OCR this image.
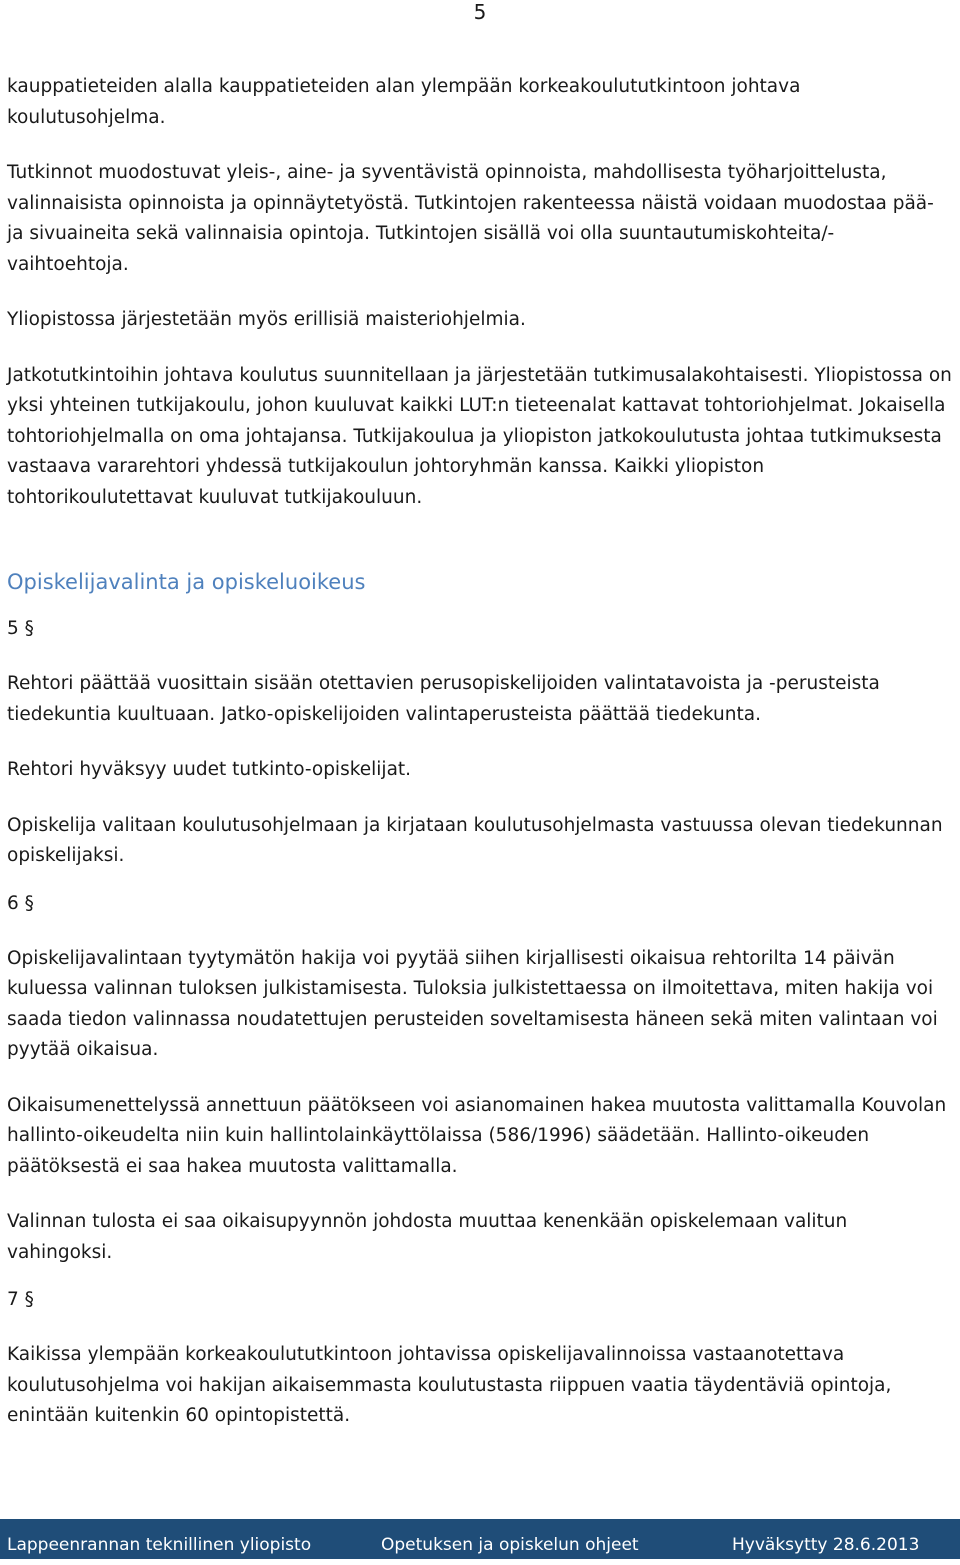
5

kauppatieteiden alalla kauppatieteiden alan ylempään korkeakoulututkintoon johtava koulutusohjelma.

Tutkinnot muodostuvat yleis-, aine- ja syventävistä opinnoista, mahdollisesta työharjoittelusta, valinnaisista opinnoista ja opinnäytetyöstä. Tutkintojen rakenteessa näistä voidaan muodostaa pää- ja sivuaineita sekä valinnaisia opintoja. Tutkintojen sisällä voi olla suuntautumiskohteita/-vaihtoehtoja.

Yliopistossa järjestetään myös erillisiä maisteriohjelmia.

Jatkotutkintoihin johtava koulutus suunnitellaan ja järjestetään tutkimusalakohtaisesti. Yliopistossa on yksi yhteinen tutkijakoulu, johon kuuluvat kaikki LUT:n tieteenalat kattavat tohtoriohjelmat. Jokaisella tohtoriohjelmalla on oma johtajansa. Tutkijakoulua ja yliopiston jatkokoulutusta johtaa tutkimuksesta vastaava vararehtori yhdessä tutkijakoulun johtoryhmän kanssa. Kaikki yliopiston tohtorikoulutettavat kuuluvat tutkijakouluun.

Opiskelijavalinta ja opiskeluoikeus

5 §

Rehtori päättää vuosittain sisään otettavien perusopiskelijoiden valintatavoista ja -perusteista tiedekuntia kuultuaan. Jatko-opiskelijoiden valintaperusteista päättää tiedekunta.

Rehtori hyväksyy uudet tutkinto-opiskelijat.

Opiskelija valitaan koulutusohjelmaan ja kirjataan koulutusohjelmasta vastuussa olevan tiedekunnan opiskelijaksi.

6 §

Opiskelijavalintaan tyytymätön hakija voi pyytää siihen kirjallisesti oikaisua rehtorilta 14 päivän kuluessa valinnan tuloksen julkistamisesta. Tuloksia julkistettaessa on ilmoitettava, miten hakija voi saada tiedon valinnassa noudatettujen perusteiden soveltamisesta häneen sekä miten valintaan voi pyytää oikaisua.

Oikaisumenettelyssä annettuun päätökseen voi asianomainen hakea muutosta valittamalla Kouvolan hallinto-oikeudelta niin kuin hallintolainkäyttölaissa (586/1996) säädetään. Hallinto-oikeuden päätöksestä ei saa hakea muutosta valittamalla.

Valinnan tulosta ei saa oikaisupyynnön johdosta muuttaa kenenkään opiskelemaan valitun vahingoksi.

7 §

Kaikissa ylempään korkeakoulututkintoon johtavissa opiskelijavalinnoissa vastaanotettava koulutusohjelma voi hakijan aikaisemmasta koulutustasta riippuen vaatia täydentäviä opintoja, enintään kuitenkin 60 opintopistettä.

Lappeenrannan teknillinen yliopisto	Opetuksen ja opiskelun ohjeet	Hyväksytty 28.6.2013
